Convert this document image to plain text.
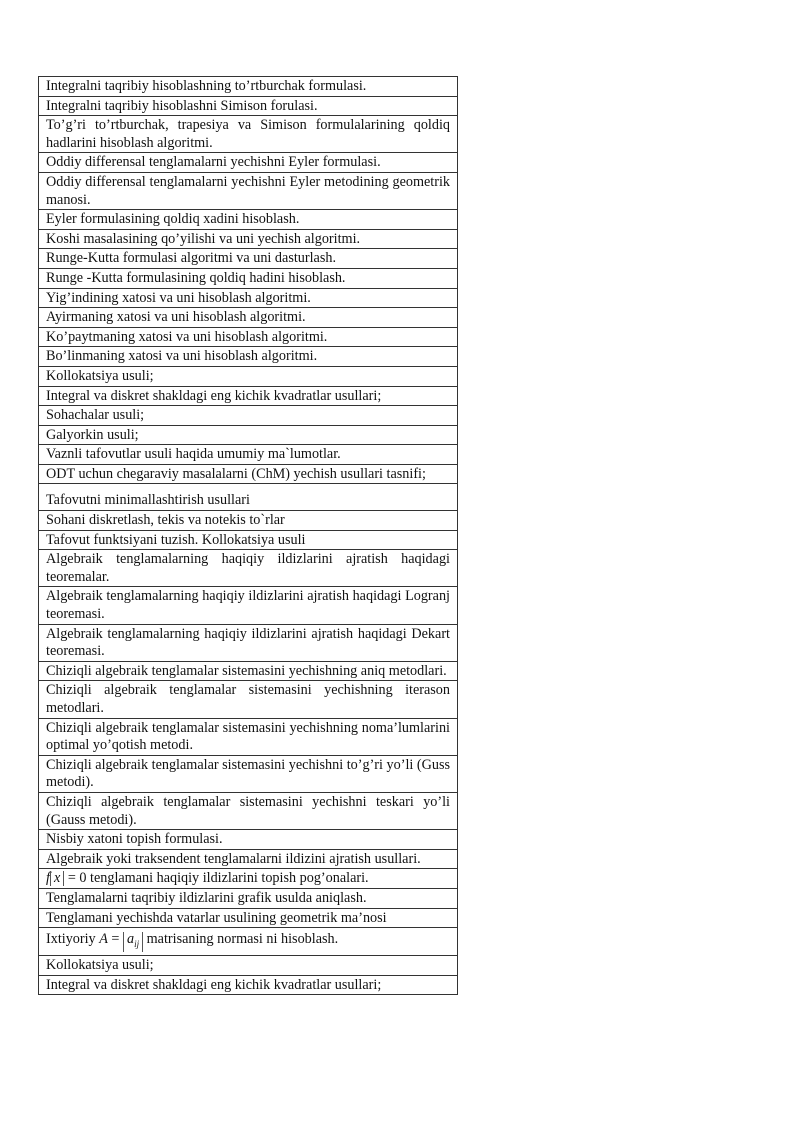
Integralni taqribiy hisoblashning to’rtburchak formulasi.
Integralni taqribiy hisoblashni Simison forulasi.
To’g’ri to’rtburchak, trapesiya va Simison formulalarining qoldiq hadlarini hisoblash algoritmi.
Oddiy differensal tenglamalarni yechishni Eyler formulasi.
Oddiy differensal tenglamalarni yechishni Eyler metodining geometrik manosi.
Eyler formulasining qoldiq xadini hisoblash.
Koshi masalasining qo’yilishi va uni yechish algoritmi.
Runge-Kutta formulasi algoritmi va uni dasturlash.
Runge -Kutta formulasining qoldiq hadini hisoblash.
Yig’indining xatosi va uni hisoblash algoritmi.
Ayirmaning xatosi va uni hisoblash algoritmi.
Ko’paytmaning xatosi va uni hisoblash algoritmi.
Bo’linmaning xatosi va uni hisoblash algoritmi.
Kollokatsiya usuli;
Integral va diskret shakldagi eng kichik kvadratlar usullari;
Sohachalar usuli;
Galyorkin usuli;
Vaznli tafovutlar usuli haqida umumiy ma`lumotlar.
ODT uchun chegaraviy masalalarni (ChM) yechish usullari tasnifi;
Tafovutni minimallashtirish usullari
Sohani diskretlash, tekis va notekis to`rlar
Tafovut funktsiyani tuzish. Kollokatsiya usuli
Algebraik tenglamalarning haqiqiy ildizlarini ajratish haqidagi teoremalar.
Algebraik tenglamalarning haqiqiy ildizlarini ajratish haqidagi Logranj teoremasi.
Algebraik tenglamalarning haqiqiy ildizlarini ajratish haqidagi Dekart teoremasi.
Chiziqli algebraik tenglamalar sistemasini yechishning aniq metodlari.
Chiziqli algebraik tenglamalar sistemasini yechishning iterason metodlari.
Chiziqli algebraik tenglamalar sistemasini yechishning noma’lumlarini optimal yo’qotish metodi.
Chiziqli algebraik tenglamalar sistemasini yechishni to’g’ri yo’li (Guss metodi).
Chiziqli algebraik tenglamalar sistemasini yechishni teskari yo’li (Gauss metodi).
Nisbiy xatoni topish formulasi.
Algebraik yoki traksendent tenglamalarni ildizini ajratish usullari.
f x = 0 tenglamani haqiqiy ildizlarini topish pog’onalari.
Tenglamalarni taqribiy ildizlarini grafik usulda aniqlash.
Tenglamani yechishda vatarlar usulining geometrik ma’nosi
Ixtiyoriy $A = a_{ij}$ matrisaning normasi ni hisoblash.
Kollokatsiya usuli;
Integral va diskret shakldagi eng kichik kvadratlar usullari;
